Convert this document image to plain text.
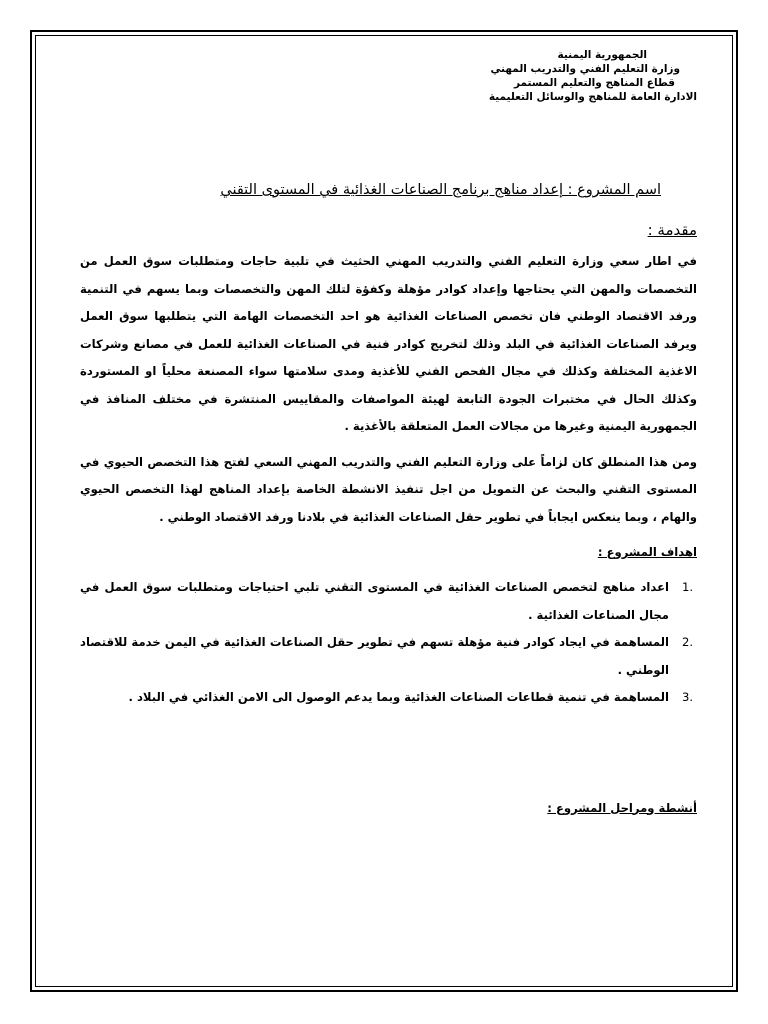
الجمهورية اليمنية
وزارة التعليم الفني والتدريب المهني
قطاع المناهج والتعليم المستمر
الادارة العامة للمناهج والوسائل التعليمية
اسم المشروع : إعداد مناهج برنامج الصناعات الغذائية في المستوى التقني
مقدمة :
في اطار سعي وزارة التعليم الفني والتدريب المهني الحثيث في تلبية حاجات ومتطلبات سوق العمل من التخصصات والمهن التي يحتاجها وإعداد كوادر مؤهلة وكفؤة لتلك المهن والتخصصات وبما يسهم في التنمية ورفد الاقتصاد الوطني فان تخصص الصناعات الغذائية هو احد التخصصات الهامة التي يتطلبها سوق العمل ويرفد الصناعات الغذائية في البلد وذلك لتخريج كوادر فنية في الصناعات الغذائية للعمل في مصانع وشركات الاغذية المختلفة وكذلك في مجال الفحص الفني للأغذية ومدى سلامتها سواء المصنعة محلياً او المستوردة وكذلك الحال في مختبرات الجودة التابعة لهيئة المواصفات والمقاييس المنتشرة في مختلف المنافذ في الجمهورية اليمنية وغيرها من مجالات العمل المتعلقة بالأغذية .
ومن هذا المنطلق كان لزاماً على وزارة التعليم الفني والتدريب المهني السعي لفتح هذا التخصص الحيوي في المستوى التقني والبحث عن التمويل من اجل تنفيذ الانشطة الخاصة بإعداد المناهج لهذا التخصص الحيوي والهام ، وبما ينعكس ايجاباً في تطوير حقل الصناعات الغذائية في بلادنا ورفد الاقتصاد الوطني .
اهداف المشروع :
1.
اعداد مناهج لتخصص الصناعات الغذائية في المستوى التقني تلبي احتياجات ومتطلبات سوق العمل في مجال الصناعات الغذائية .
2.
المساهمة في ايجاد كوادر فنية مؤهلة تسهم في تطوير حقل الصناعات الغذائية في اليمن خدمة للاقتصاد الوطني .
3.
المساهمة في تنمية قطاعات الصناعات الغذائية وبما يدعم الوصول الى الامن الغذائي في البلاد .
أنشطة ومراحل المشروع :
